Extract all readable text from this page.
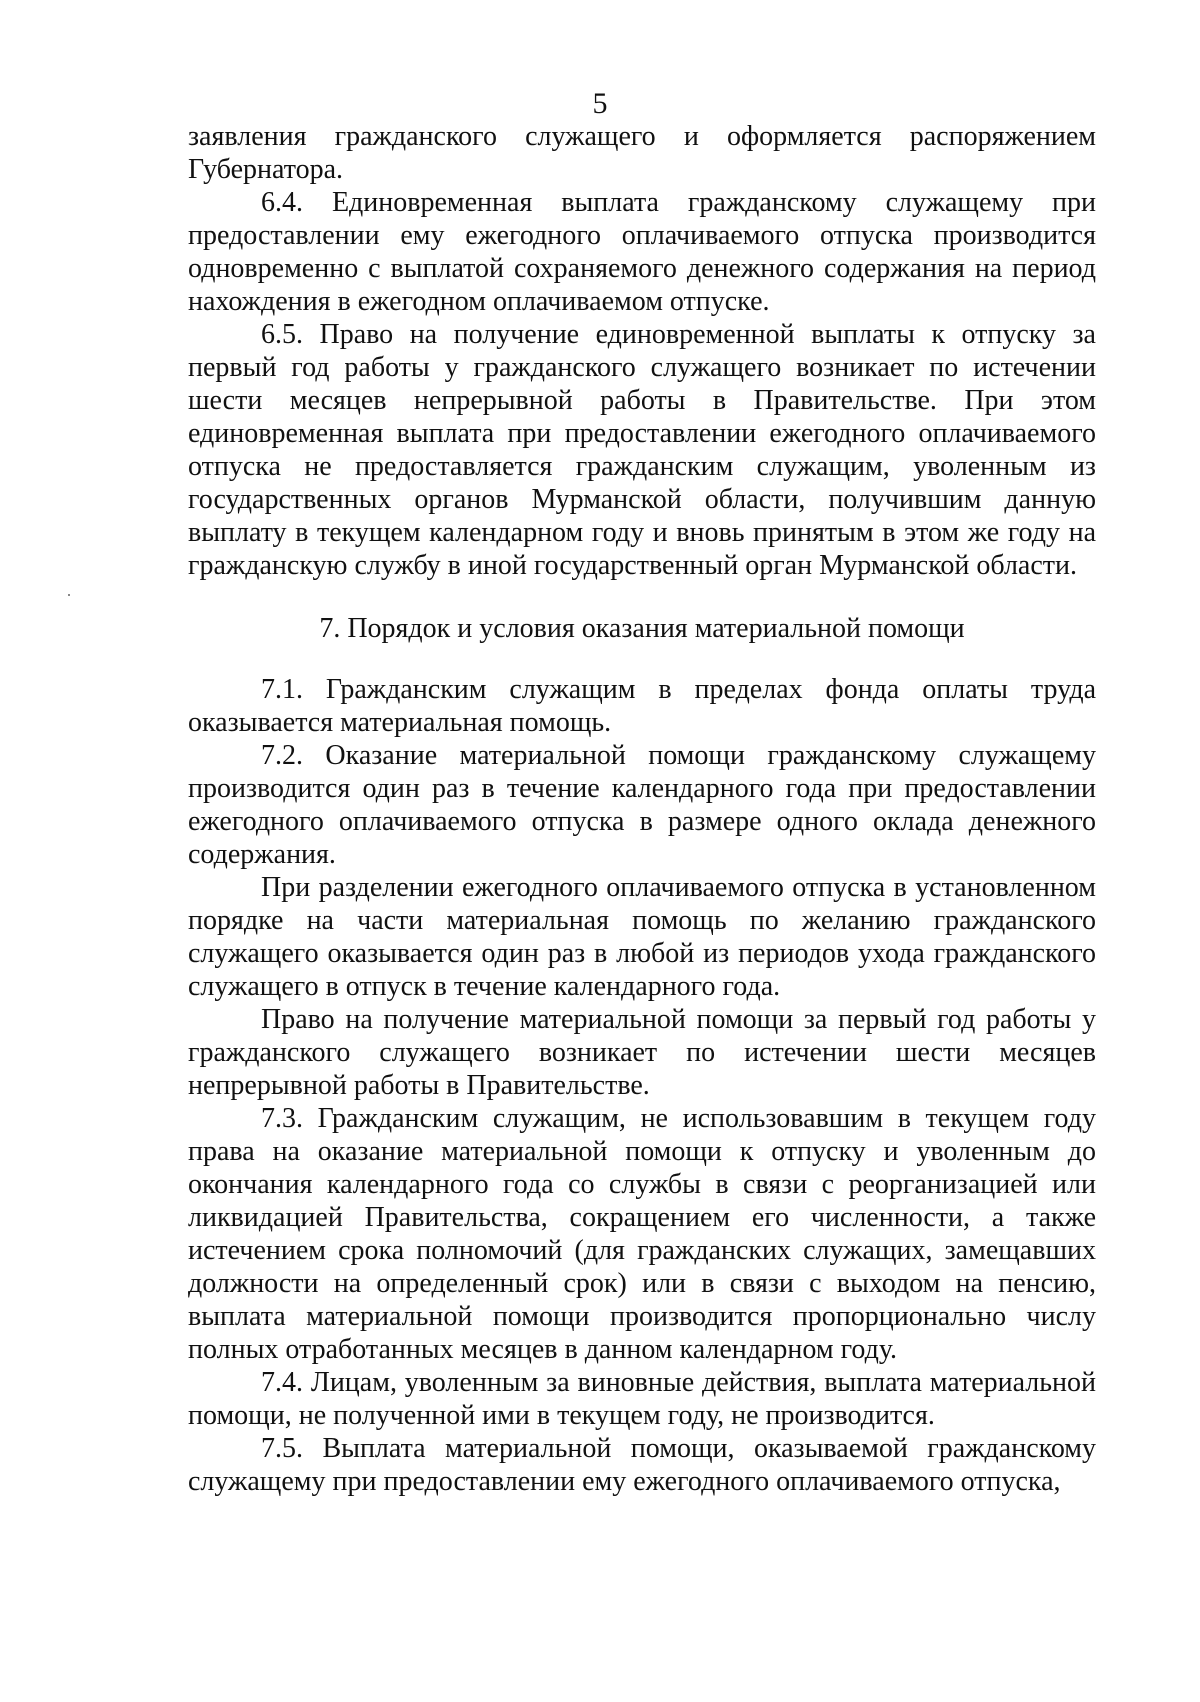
5

заявления гражданского служащего и оформляется распоряжением Губернатора.

6.4. Единовременная выплата гражданскому служащему при предоставлении ему ежегодного оплачиваемого отпуска производится одновременно с выплатой сохраняемого денежного содержания на период нахождения в ежегодном оплачиваемом отпуске.

6.5. Право на получение единовременной выплаты к отпуску за первый год работы у гражданского служащего возникает по истечении шести месяцев непрерывной работы в Правительстве. При этом единовременная выплата при предоставлении ежегодного оплачиваемого отпуска не предоставляется гражданским служащим, уволенным из государственных органов Мурманской области, получившим данную выплату в текущем календарном году и вновь принятым в этом же году на гражданскую службу в иной государственный орган Мурманской области.

7. Порядок и условия оказания материальной помощи

7.1. Гражданским служащим в пределах фонда оплаты труда оказывается материальная помощь.

7.2. Оказание материальной помощи гражданскому служащему производится один раз в течение календарного года при предоставлении ежегодного оплачиваемого отпуска в размере одного оклада денежного содержания.

При разделении ежегодного оплачиваемого отпуска в установленном порядке на части материальная помощь по желанию гражданского служащего оказывается один раз в любой из периодов ухода гражданского служащего в отпуск в течение календарного года.

Право на получение материальной помощи за первый год работы у гражданского служащего возникает по истечении шести месяцев непрерывной работы в Правительстве.

7.3. Гражданским служащим, не использовавшим в текущем году права на оказание материальной помощи к отпуску и уволенным до окончания календарного года со службы в связи с реорганизацией или ликвидацией Правительства, сокращением его численности, а также истечением срока полномочий (для гражданских служащих, замещавших должности на определенный срок) или в связи с выходом на пенсию, выплата материальной помощи производится пропорционально числу полных отработанных месяцев в данном календарном году.

7.4. Лицам, уволенным за виновные действия, выплата материальной помощи, не полученной ими в текущем году, не производится.

7.5. Выплата материальной помощи, оказываемой гражданскому служащему при предоставлении ему ежегодного оплачиваемого отпуска,
